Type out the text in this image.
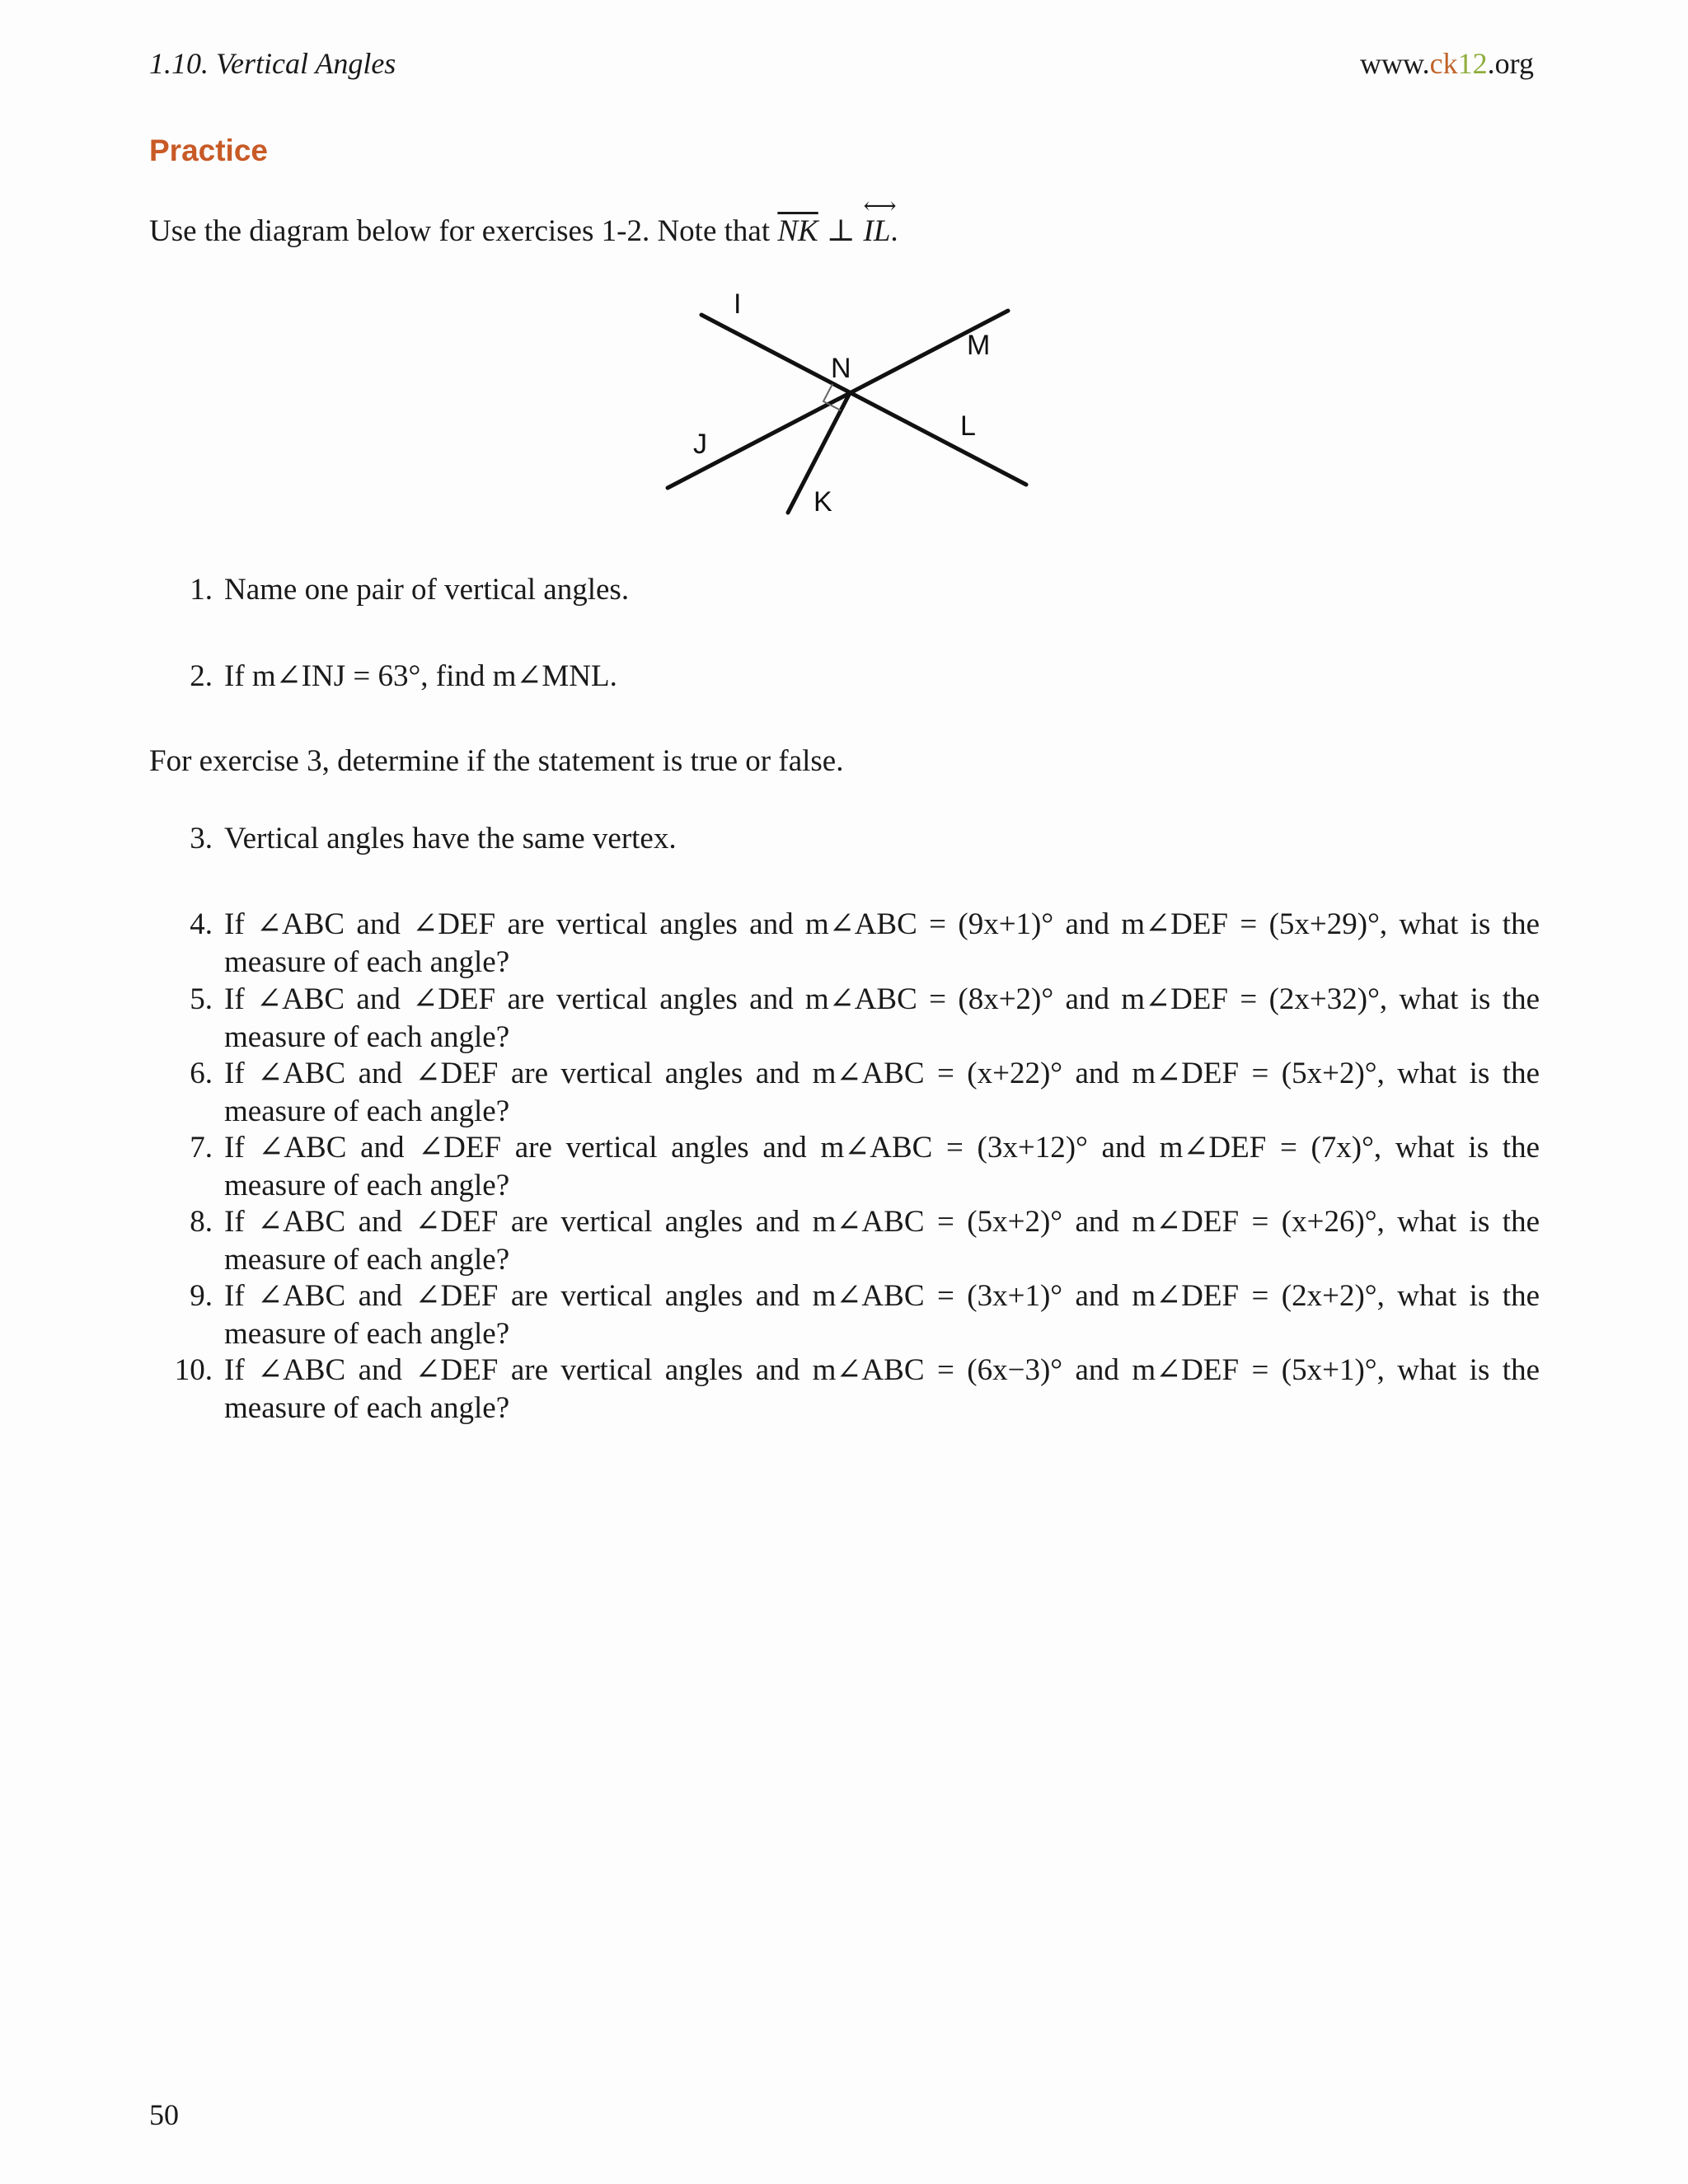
1.10. Vertical Angles	www.ck12.org
Practice
Use the diagram below for exercises 1-2. Note that $\overline{NK}$ ⊥
⟷
IL.
I
M
N
J
L
K
1. Name one pair of vertical angles.
2. If m∠INJ = 63°, find m∠MNL.
For exercise 3, determine if the statement is true or false.
3. Vertical angles have the same vertex.
4. If ∠ABC and ∠DEF are vertical angles and m∠ABC = (9x+1)° and m∠DEF = (5x+29)°, what is the measure of each angle?
5. If ∠ABC and ∠DEF are vertical angles and m∠ABC = (8x+2)° and m∠DEF = (2x+32)°, what is the measure of each angle?
6. If ∠ABC and ∠DEF are vertical angles and m∠ABC = (x+22)° and m∠DEF = (5x+2)°, what is the measure of each angle?
7. If ∠ABC and ∠DEF are vertical angles and m∠ABC = (3x+12)° and m∠DEF = (7x)°, what is the measure of each angle?
8. If ∠ABC and ∠DEF are vertical angles and m∠ABC = (5x+2)° and m∠DEF = (x+26)°, what is the measure of each angle?
9. If ∠ABC and ∠DEF are vertical angles and m∠ABC = (3x+1)° and m∠DEF = (2x+2)°, what is the measure of each angle?
10. If ∠ABC and ∠DEF are vertical angles and m∠ABC = (6x−3)° and m∠DEF = (5x+1)°, what is the measure of each angle?
50
